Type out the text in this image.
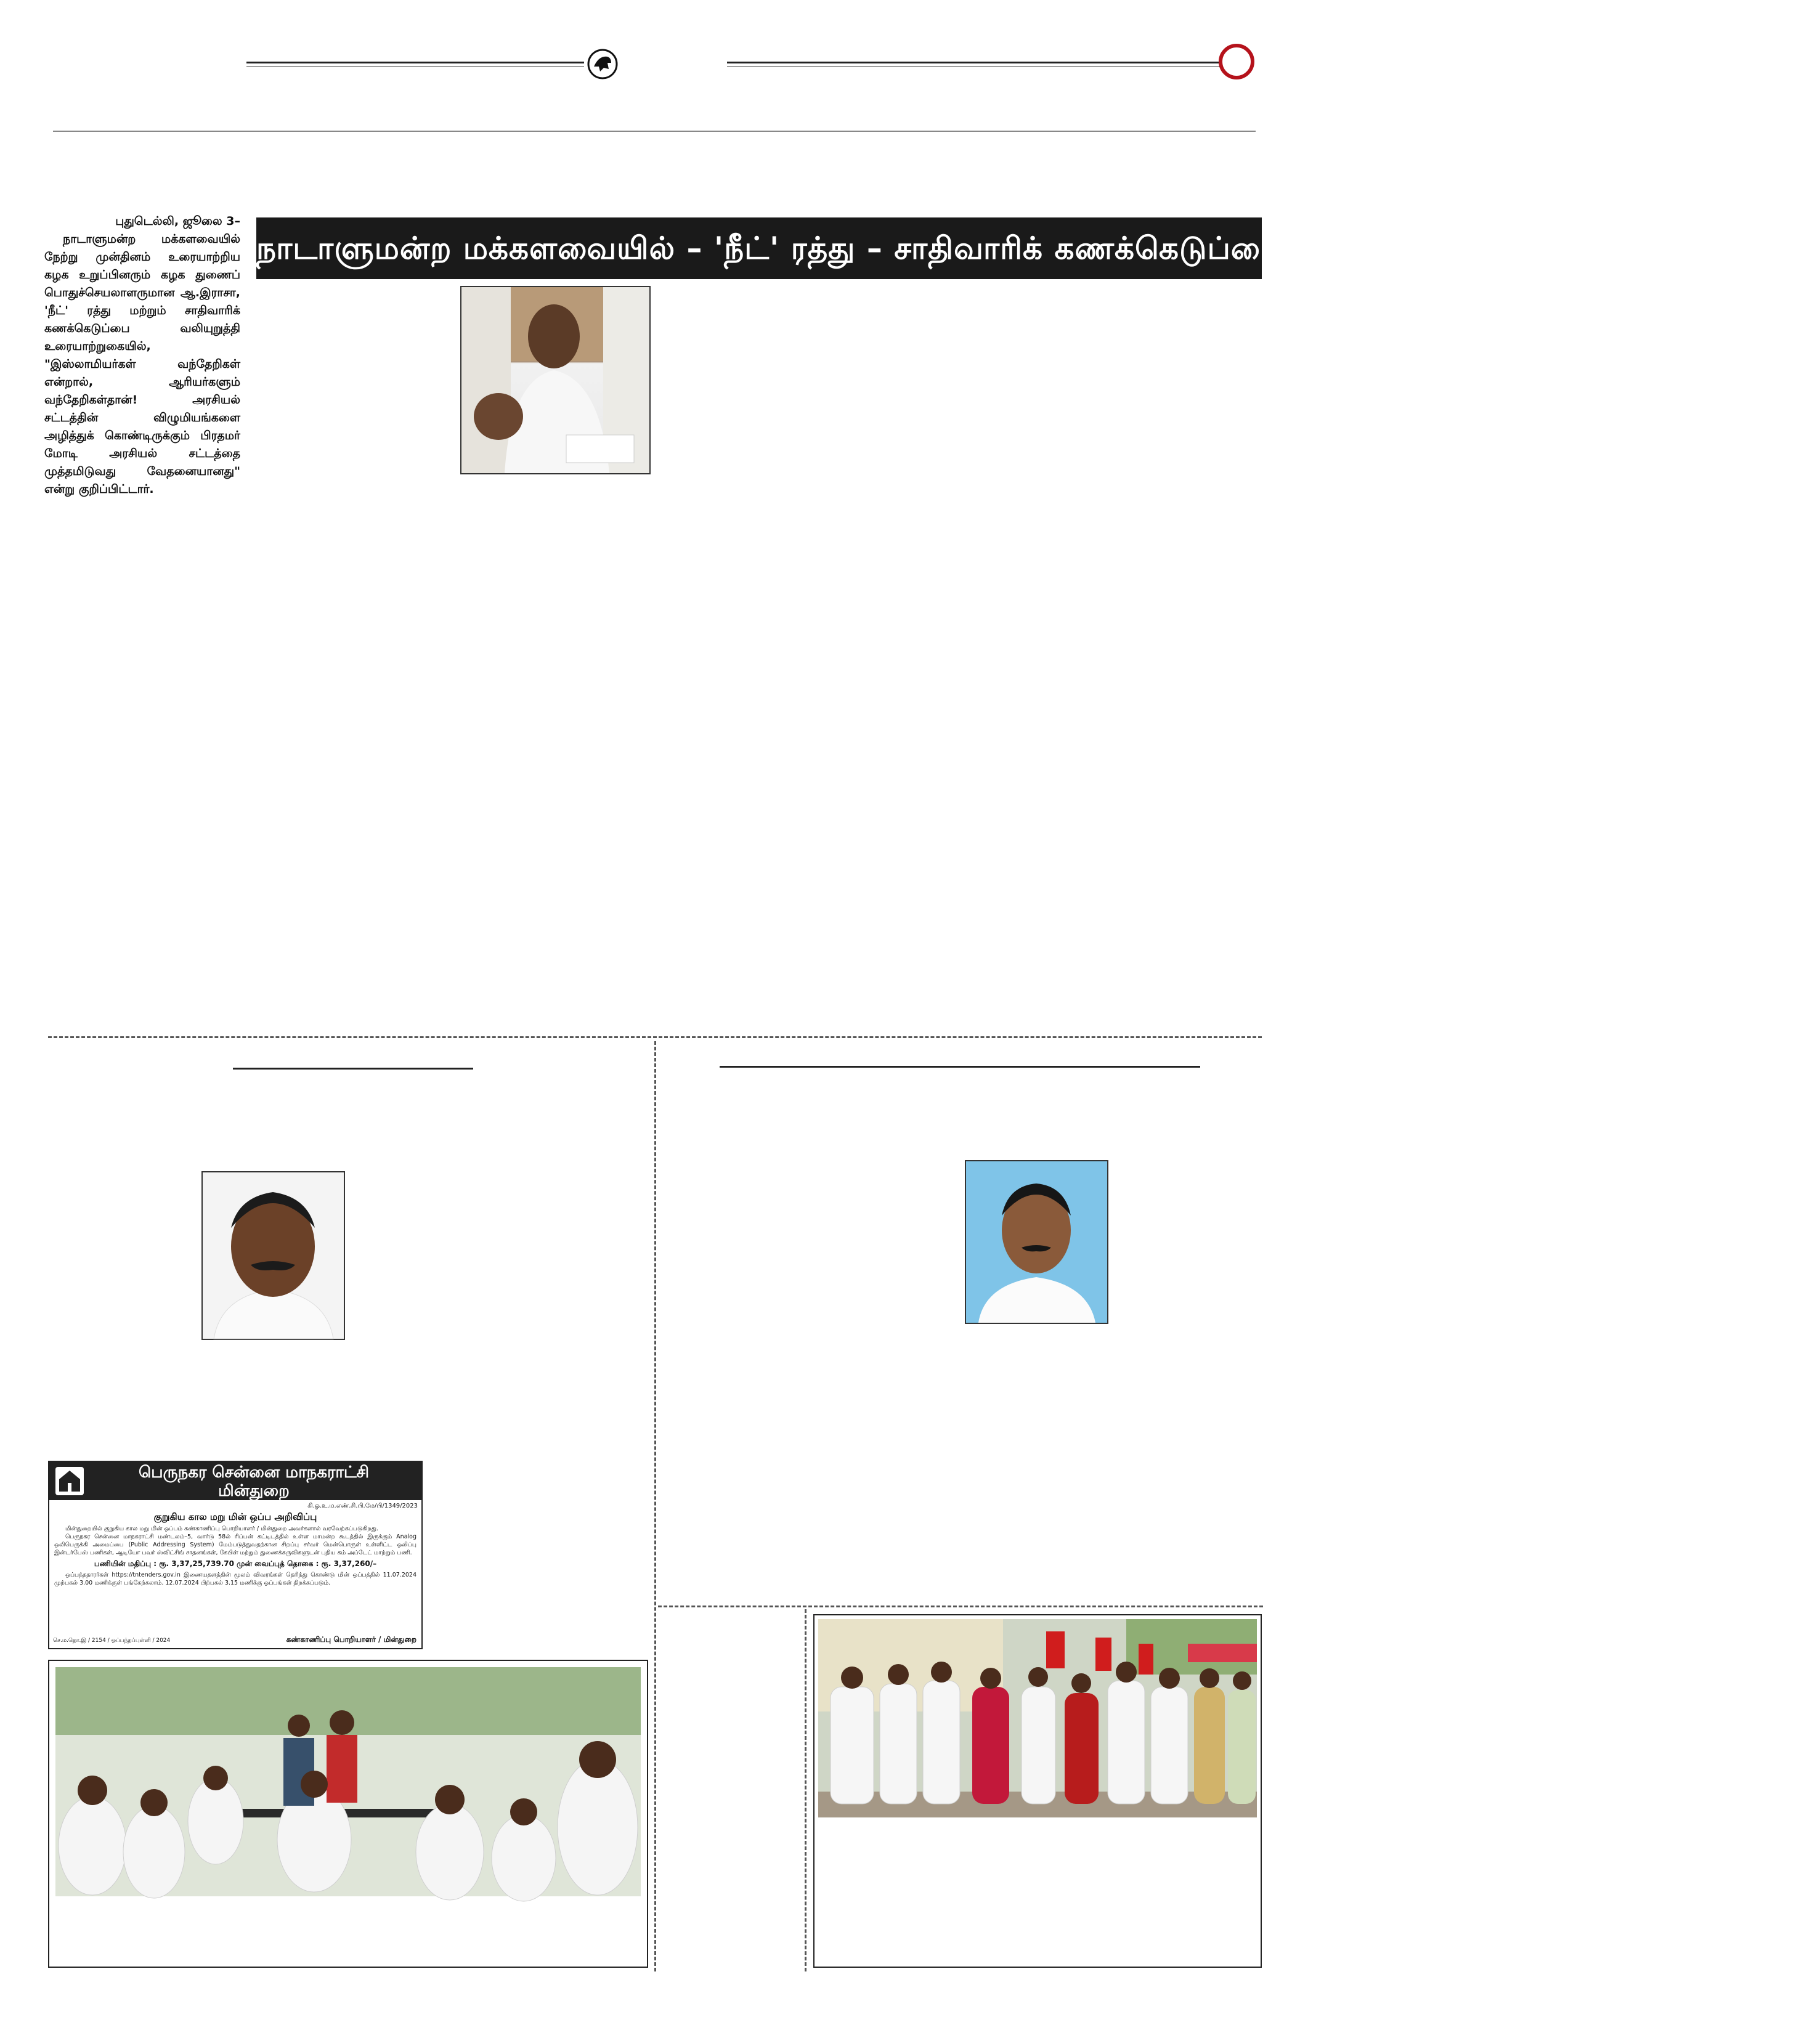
நாடாளுமன்ற மக்களவையில் – 'நீட்' ரத்து – சாதிவாரிக் கணக்கெடுப்பை வலியுறுத்தி ஆ.இராசா எம்பி. உரை!
புதுடெல்லி, ஜூலை 3–
நாடாளுமன்ற மக்களவையில் நேற்று முன்தினம் உரையாற்றிய கழக உறுப்பினரும் கழக துணைப் பொதுச்செயலாளருமான ஆ.இராசா, 'நீட்' ரத்து மற்றும் சாதிவாரிக் கணக்கெடுப்பை வலியுறுத்தி உரையாற்றுகையில், "இஸ்லாமியர்கள் வந்தேறிகள் என்றால், ஆரியர்களும் வந்தேறிகள்தான்! அரசியல் சட்டத்தின் விழுமியங்களை அழித்துக் கொண்டிருக்கும் பிரதமர் மோடி அரசியல் சட்டத்தை முத்தமிடுவது வேதனையானது" என்று குறிப்பிட்டார்.
பெருநகர சென்னை மாநகராட்சி
மின்துறை
கி.ஓ.உ.ம.எண்.சி.பி.மே/பி/1349/2023
குறுகிய கால மறு மின் ஒப்ப அறிவிப்பு

மின்துறையில் குறுகிய கால மறு மின் ஒப்பம் கண்காணிப்பு பொறியாளர் / மின்துறை அவர்களால் வரவேற்கப்படுகிறது.

பெருநகர சென்னை மாநகராட்சி மண்டலம்–5, வார்டு 58ல் ரிப்பன் கட்டிடத்தில் உள்ள மாமன்ற கூடத்தில் இருக்கும் Analog ஒலிபெருக்கி அமைப்பை (Public Addressing System) மேம்படுத்துவதற்கான சிறப்பு சர்வர் மென்பொருள் உள்ளிட்ட ஒலிப்பு இன்டர்பேஸ் பணிகள், ஆடியோ பவர் ஸ்விட்சிங் சாதனங்கள், கேபிள் மற்றும் துணைக்கருவிகளுடன் புதிய கம் அப்டேட் மாற்றும் பணி.

பணியின் மதிப்பு : ரூ. 3,37,25,739.70 முன் வைப்புத் தொகை : ரூ. 3,37,260/–

ஒப்பந்ததாரர்கள் https://tntenders.gov.in இணையதளத்தின் மூலம் விவரங்கள் தெரிந்து கொண்டு மின் ஒப்பத்தில் 11.07.2024 முற்பகல் 3.00 மணிக்குள் பங்கேற்கலாம். 12.07.2024 பிற்பகல் 3.15 மணிக்கு ஒப்பங்கள் திறக்கப்படும்.

செ.ம.தொ.இ / 2154 / ஒப்பந்தப்புள்ளி / 2024	கண்காணிப்பு பொறியாளர் / மின்துறை
